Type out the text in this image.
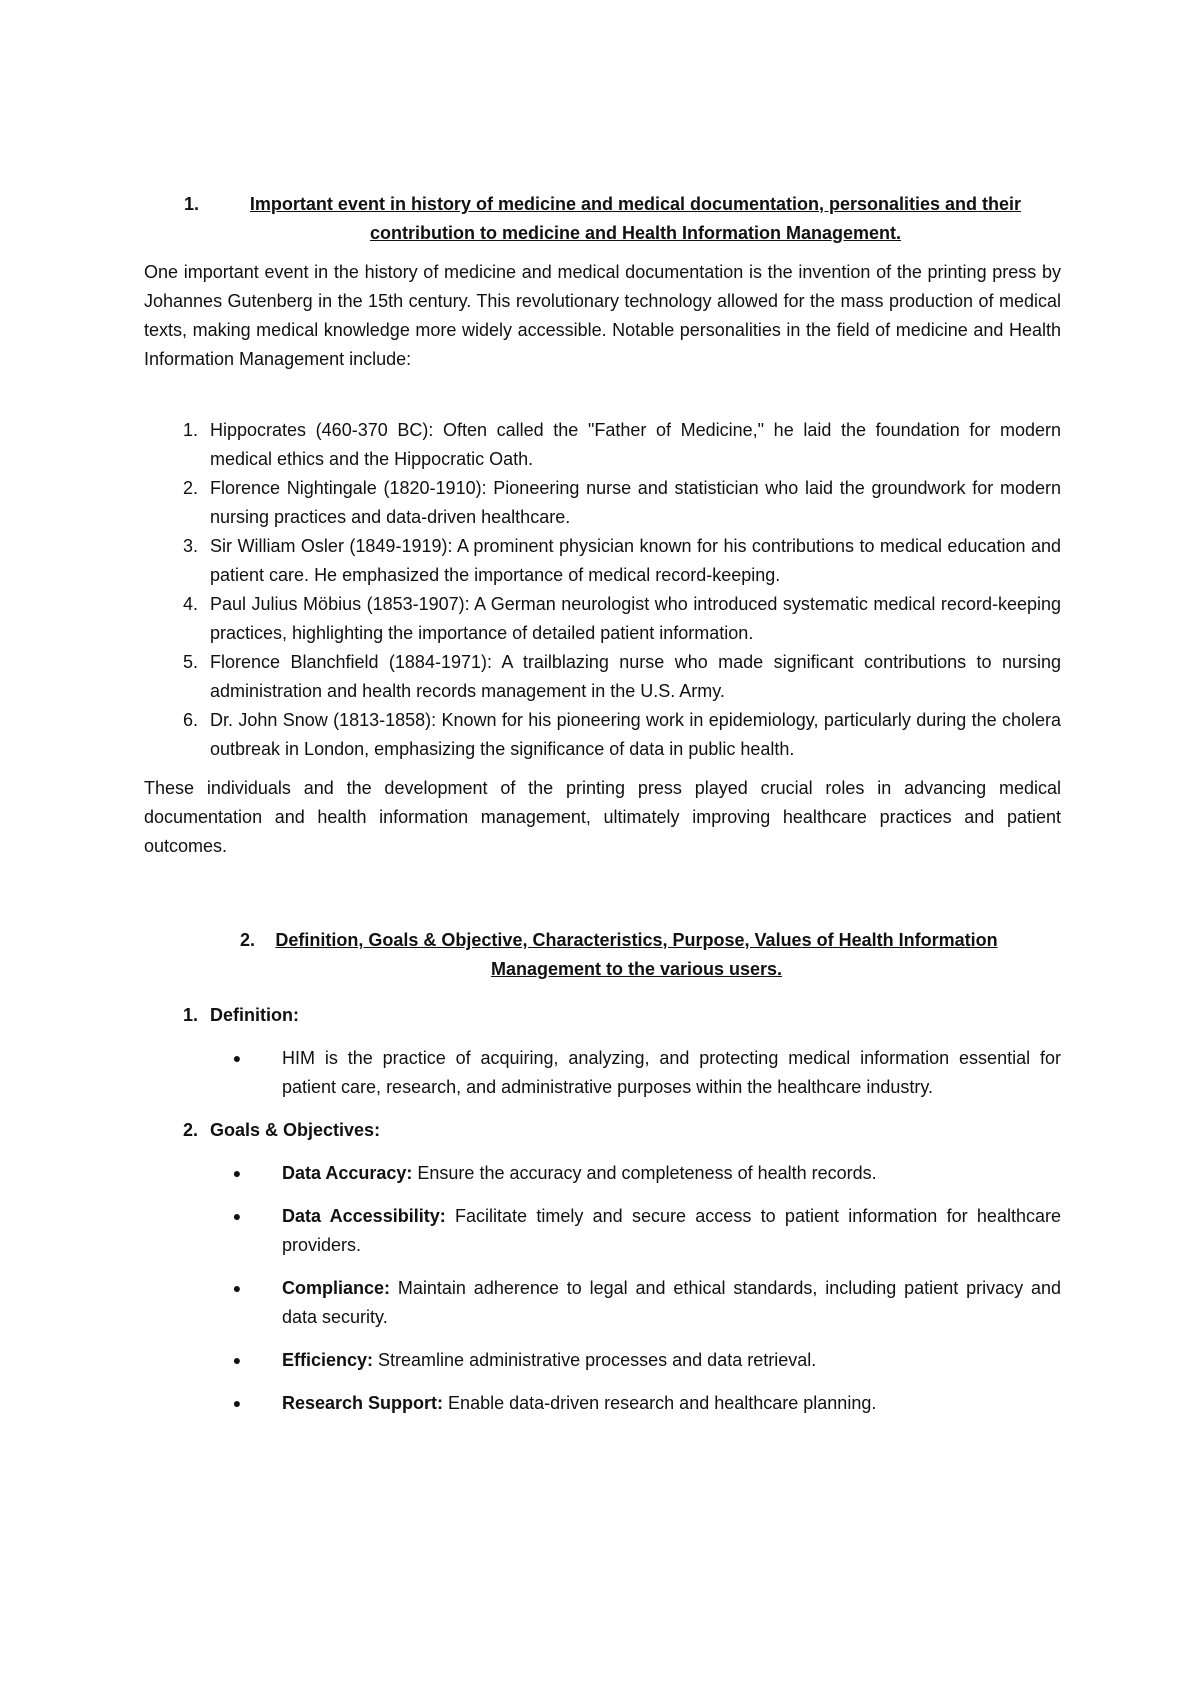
1.	Important event in history of medicine and medical documentation, personalities and their contribution to medicine and Health Information Management.

One important event in the history of medicine and medical documentation is the invention of the printing press by Johannes Gutenberg in the 15th century. This revolutionary technology allowed for the mass production of medical texts, making medical knowledge more widely accessible. Notable personalities in the field of medicine and Health Information Management include:

1. Hippocrates (460-370 BC): Often called the "Father of Medicine," he laid the foundation for modern medical ethics and the Hippocratic Oath.
2. Florence Nightingale (1820-1910): Pioneering nurse and statistician who laid the groundwork for modern nursing practices and data-driven healthcare.
3. Sir William Osler (1849-1919): A prominent physician known for his contributions to medical education and patient care. He emphasized the importance of medical record-keeping.
4. Paul Julius Möbius (1853-1907): A German neurologist who introduced systematic medical record-keeping practices, highlighting the importance of detailed patient information.
5. Florence Blanchfield (1884-1971): A trailblazing nurse who made significant contributions to nursing administration and health records management in the U.S. Army.
6. Dr. John Snow (1813-1858): Known for his pioneering work in epidemiology, particularly during the cholera outbreak in London, emphasizing the significance of data in public health.

These individuals and the development of the printing press played crucial roles in advancing medical documentation and health information management, ultimately improving healthcare practices and patient outcomes.

2.	Definition, Goals & Objective, Characteristics, Purpose, Values of Health Information Management to the various users.
1. Definition:
●
HIM is the practice of acquiring, analyzing, and protecting medical information essential for patient care, research, and administrative purposes within the healthcare industry.
2. Goals & Objectives:
●
Data Accuracy: Ensure the accuracy and completeness of health records.
●
Data Accessibility: Facilitate timely and secure access to patient information for healthcare providers.
●
Compliance: Maintain adherence to legal and ethical standards, including patient privacy and data security.
●
Efficiency: Streamline administrative processes and data retrieval.
●
Research Support: Enable data-driven research and healthcare planning.
